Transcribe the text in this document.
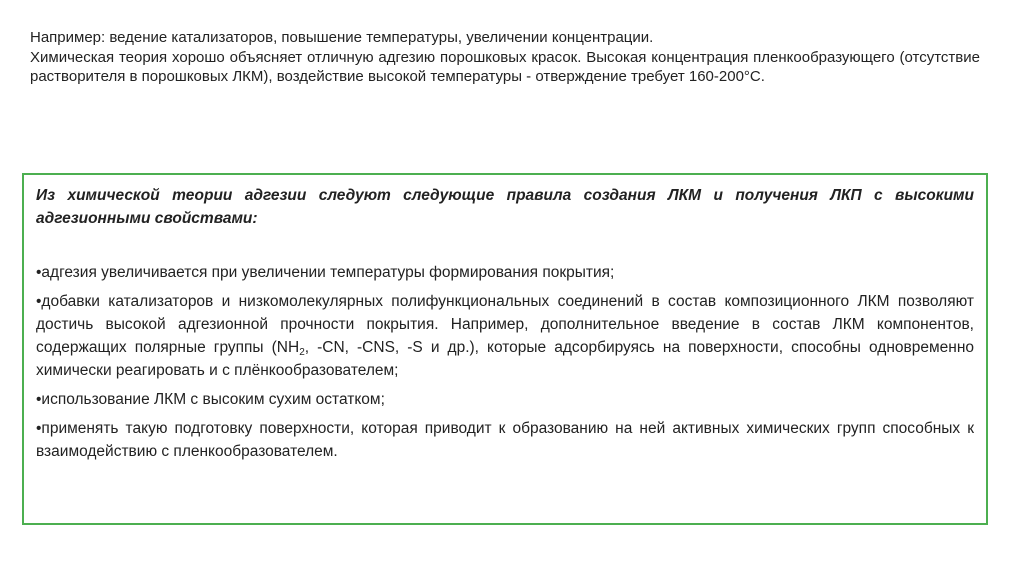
Например: ведение катализаторов, повышение температуры, увеличении концентрации.

Химическая теория хорошо объясняет отличную адгезию порошковых красок. Высокая концентрация пленкообразующего (отсутствие растворителя в порошковых ЛКМ), воздействие высокой температуры - отверждение требует 160-200°С.

Из химической теории адгезии следуют следующие правила создания ЛКМ и получения ЛКП с высокими адгезионными свойствами:

•адгезия увеличивается при увеличении температуры формирования покрытия;

•добавки катализаторов и низкомолекулярных полифункциональных соединений в состав композиционного ЛКМ позволяют достичь высокой адгезионной прочности покрытия. Например, дополнительное введение в состав ЛКМ компонентов, содержащих полярные группы ($NH_2$, -CN, -CNS, -S и др.), которые адсорбируясь на поверхности, способны одновременно химически реагировать и с плёнкообразователем;

•использование ЛКМ с высоким сухим остатком;

•применять такую подготовку поверхности, которая приводит к образованию на ней активных химических групп способных к взаимодействию с пленкообразователем.
